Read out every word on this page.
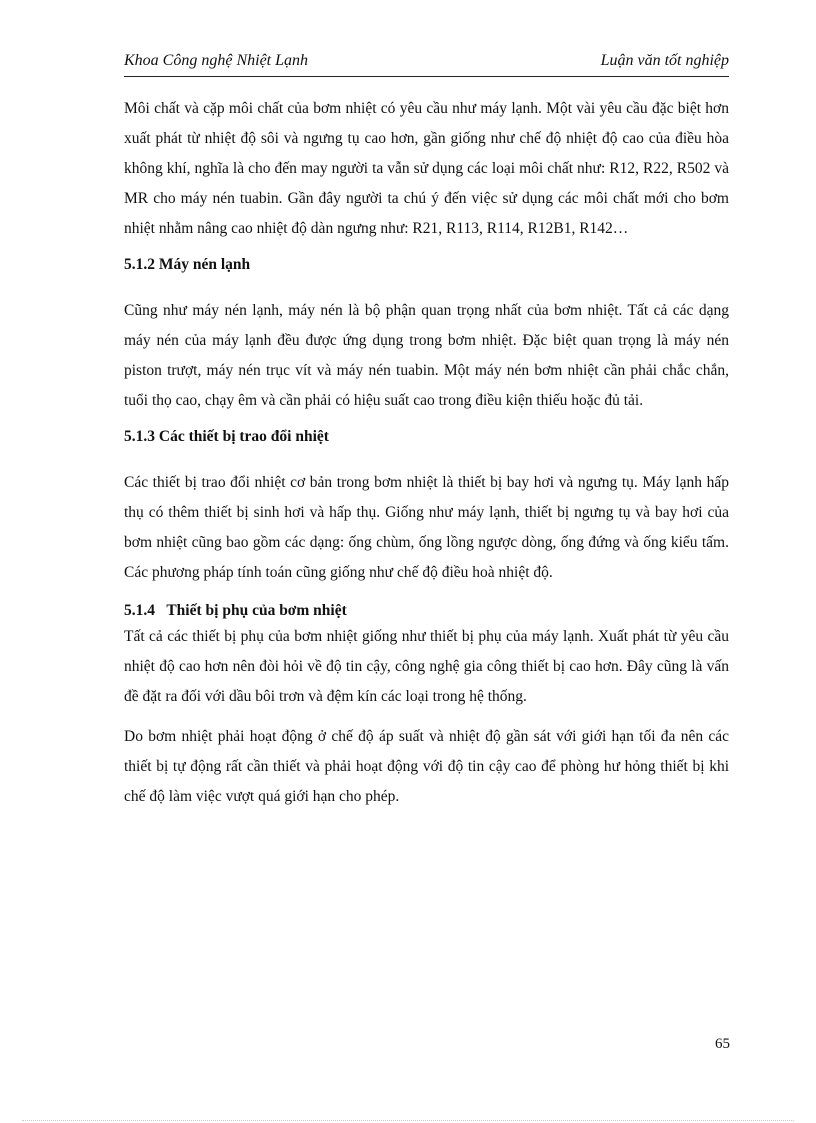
Khoa Công nghệ Nhiệt Lạnh	Luận văn tốt nghiệp

Môi chất và cặp môi chất của bơm nhiệt có yêu cầu như máy lạnh. Một vài yêu cầu đặc biệt hơn xuất phát từ nhiệt độ sôi và ngưng tụ cao hơn, gần giống như chế độ nhiệt độ cao của điều hòa không khí, nghĩa là cho đến may người ta vẫn sử dụng các loại môi chất như: R12, R22, R502 và MR cho máy nén tuabin. Gần đây người ta chú ý đến việc sử dụng các môi chất mới cho bơm nhiệt nhằm nâng cao nhiệt độ dàn ngưng như: R21, R113, R114, R12B1, R142…

5.1.2 Máy nén lạnh

Cũng như máy nén lạnh, máy nén là bộ phận quan trọng nhất của bơm nhiệt. Tất cả các dạng máy nén của máy lạnh đều được ứng dụng trong bơm nhiệt. Đặc biệt quan trọng là máy nén piston trượt, máy nén trục vít và máy nén tuabin. Một máy nén bơm nhiệt cần phải chắc chắn, tuổi thọ cao, chạy êm và cần phải có hiệu suất cao trong điều kiện thiếu hoặc đủ tải.

5.1.3 Các thiết bị trao đổi nhiệt

Các thiết bị trao đổi nhiệt cơ bản trong bơm nhiệt là thiết bị bay hơi và ngưng tụ. Máy lạnh hấp thụ có thêm thiết bị sinh hơi và hấp thụ. Giống như máy lạnh, thiết bị ngưng tụ và bay hơi của bơm nhiệt cũng bao gồm các dạng: ống chùm, ống lồng ngược dòng, ống đứng và ống kiểu tấm. Các phương pháp tính toán cũng giống như chế độ điều hoà nhiệt độ.

5.1.4   Thiết bị phụ của bơm nhiệt

Tất cả các thiết bị phụ của bơm nhiệt giống như thiết bị phụ của máy lạnh. Xuất phát từ yêu cầu nhiệt độ cao hơn nên đòi hỏi về độ tin cậy, công nghệ gia công thiết bị cao hơn. Đây cũng là vấn đề đặt ra đối với dầu bôi trơn và đệm kín các loại trong hệ thống.

Do bơm nhiệt phải hoạt động ở chế độ áp suất và nhiệt độ gần sát với giới hạn tối đa nên các thiết bị tự động rất cần thiết và phải hoạt động với độ tin cậy cao để phòng hư hỏng thiết bị khi chế độ làm việc vượt quá giới hạn cho phép.

65
